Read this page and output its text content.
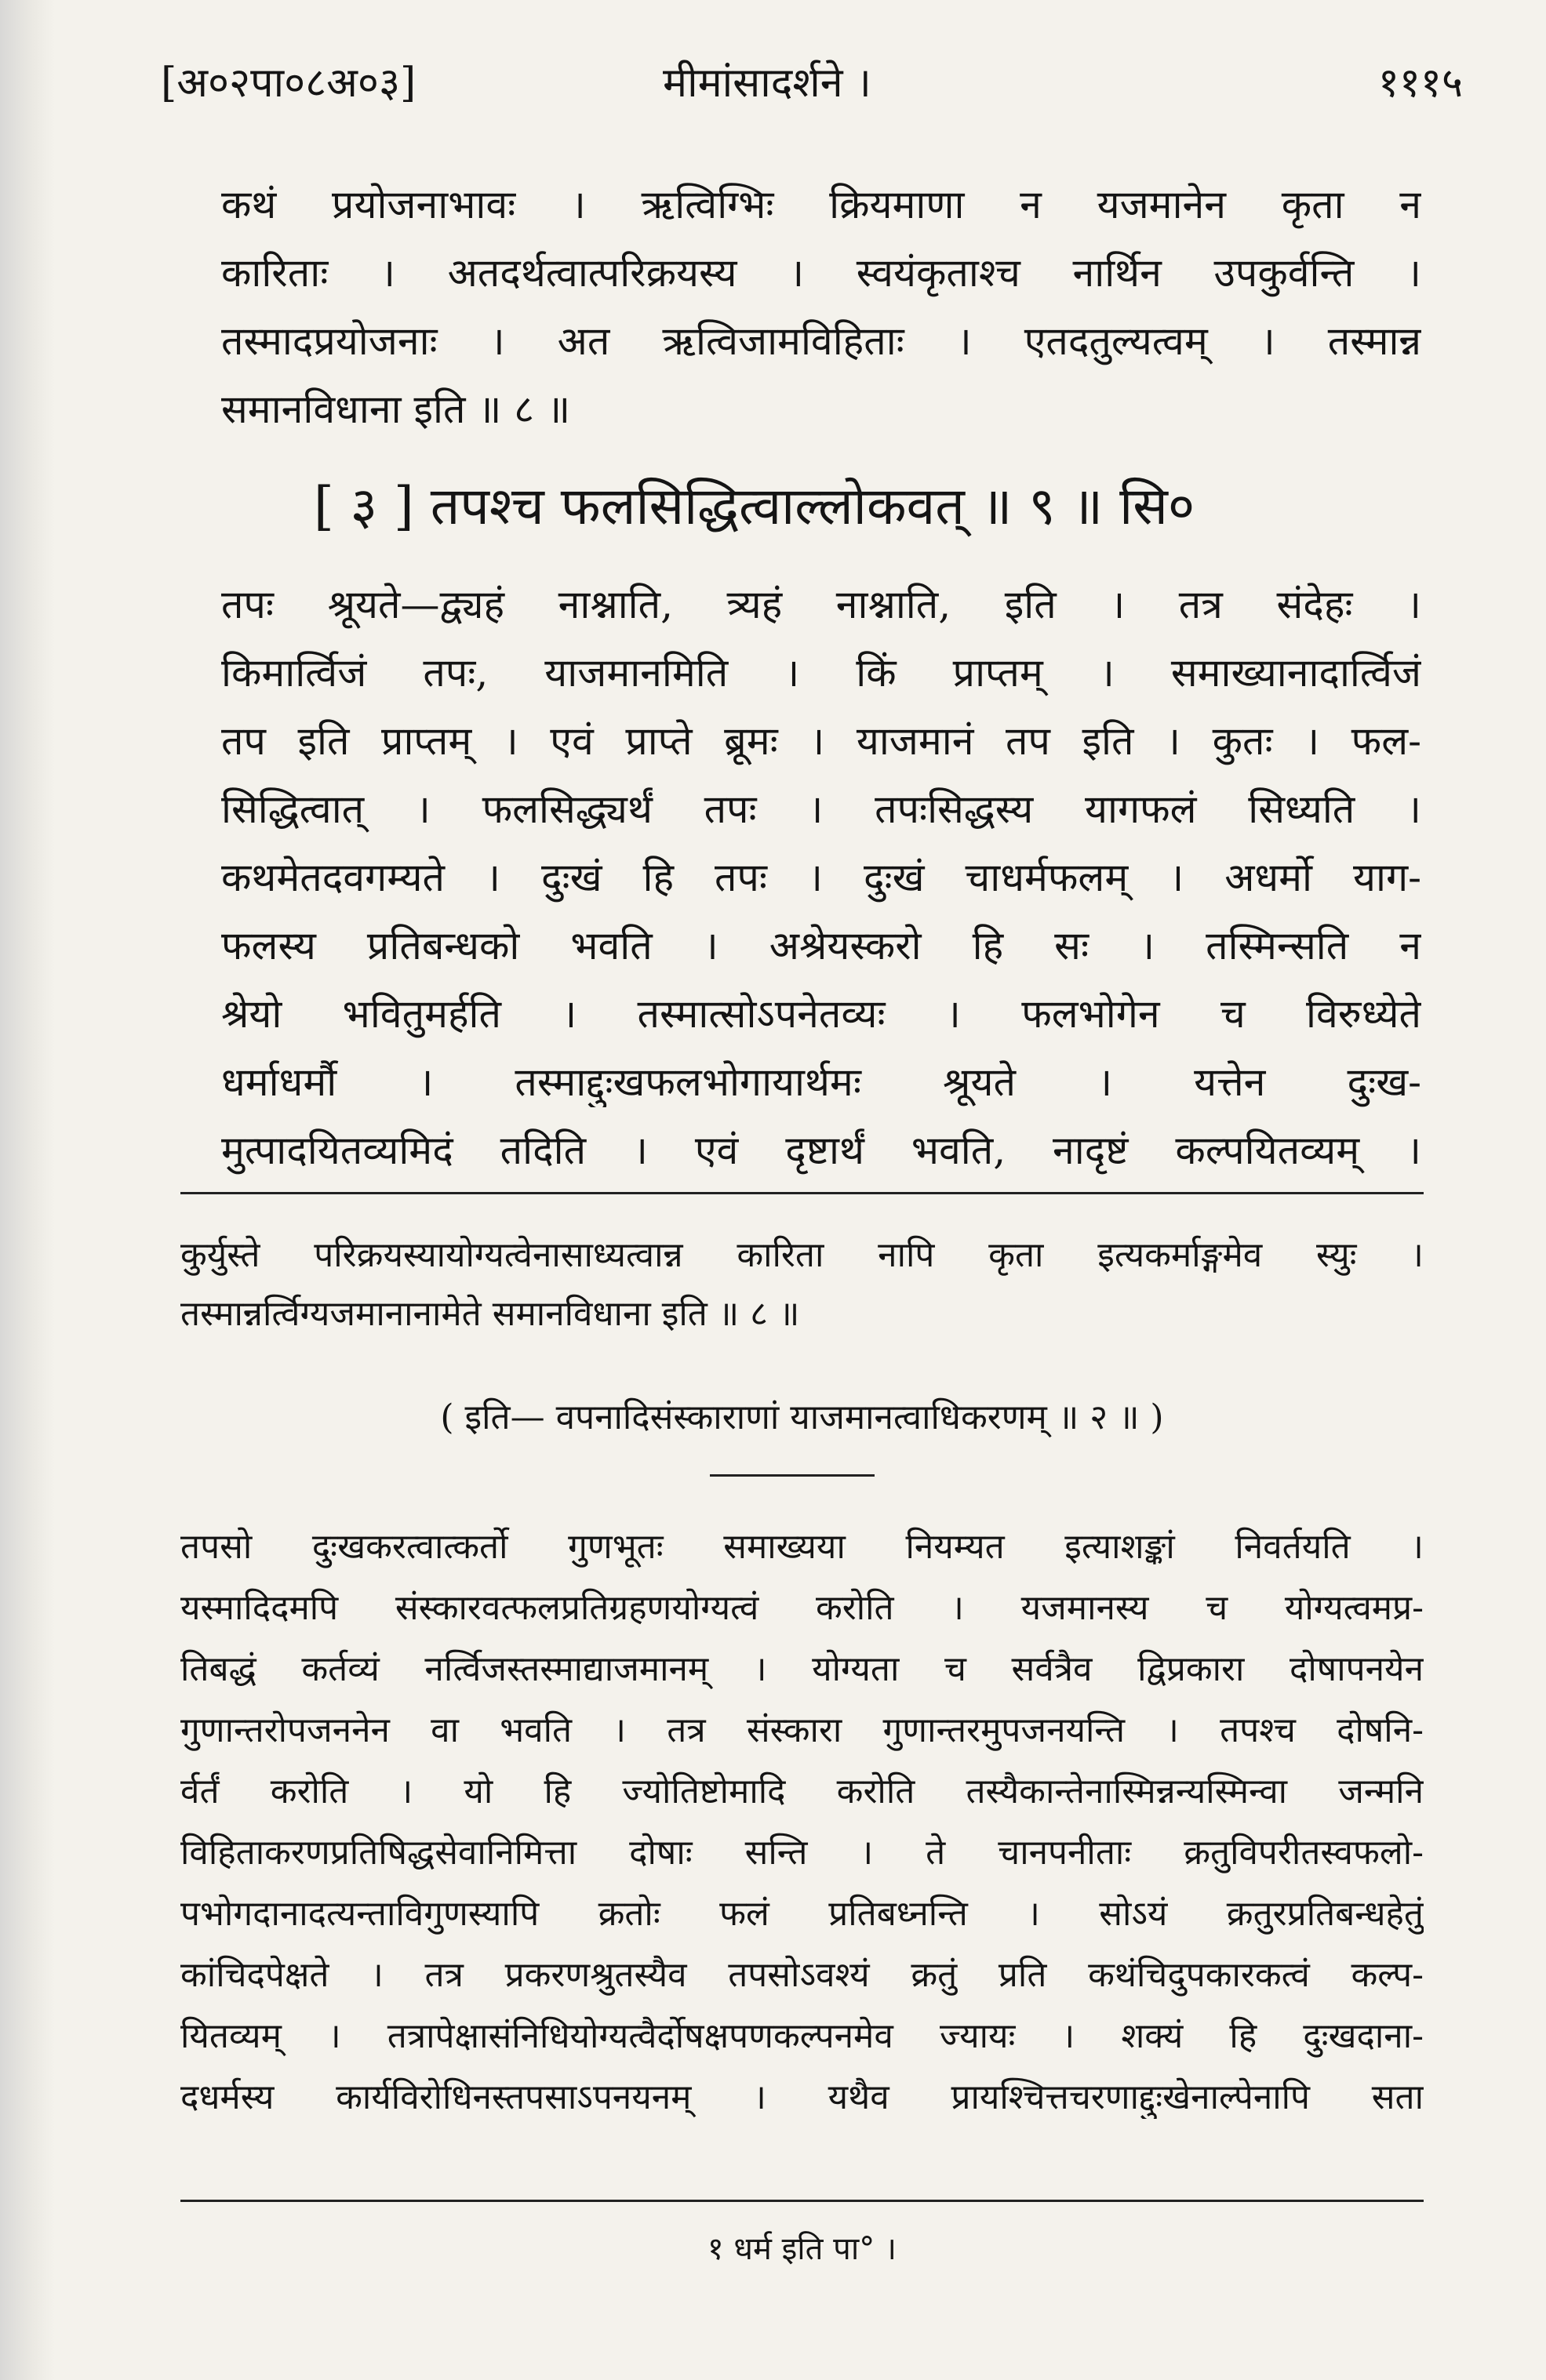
[अ०२पा०८अ०३]	मीमांसादर्शने ।	१११५
कथं प्रयोजनाभावः । ऋत्विग्भिः क्रियमाणा न यजमानेन कृता न
कारिताः । अतदर्थत्वात्परिक्रयस्य । स्वयंकृताश्च नार्थिन उपकुर्वन्ति ।
तस्मादप्रयोजनाः । अत ऋत्विजामविहिताः । एतदतुल्यत्वम् । तस्मान्न
समानविधाना इति ॥ ८ ॥
[ ३ ] तपश्च फलसिद्धित्वाल्लोकवत् ॥ ९ ॥ सि०
तपः श्रूयते—द्व्यहं नाश्नाति, त्र्यहं नाश्नाति, इति । तत्र संदेहः ।
किमार्त्विजं तपः, याजमानमिति । किं प्राप्तम् । समाख्यानादार्त्विजं
तप इति प्राप्तम् । एवं प्राप्ते ब्रूमः । याजमानं तप इति । कुतः । फल-
सिद्धित्वात् । फलसिद्ध्यर्थं तपः । तपःसिद्धस्य यागफलं सिध्यति ।
कथमेतदवगम्यते । दुःखं हि तपः । दुःखं चाधर्मफलम् । अधर्मो याग-
फलस्य प्रतिबन्धको भवति । अश्रेयस्करो हि सः । तस्मिन्सति न
श्रेयो भवितुमर्हति । तस्मात्सोऽपनेतव्यः । फलभोगेन च विरुध्येते
धर्माधर्मौ । तस्माद्दुःखफलभोगायार्थमः श्रूयते । यत्तेन दुःख-
मुत्पादयितव्यमिदं तदिति । एवं दृष्टार्थं भवति, नादृष्टं कल्पयितव्यम् ।
कुर्युस्ते परिक्रयस्यायोग्यत्वेनासाध्यत्वान्न कारिता नापि कृता इत्यकर्माङ्गमेव स्युः ।
तस्मान्नर्त्विग्यजमानानामेते समानविधाना इति ॥ ८ ॥
( इति— वपनादिसंस्काराणां याजमानत्वाधिकरणम् ॥ २ ॥ )
तपसो दुःखकरत्वात्कर्तो गुणभूतः समाख्यया नियम्यत इत्याशङ्कां निवर्तयति ।
यस्मादिदमपि संस्कारवत्फलप्रतिग्रहणयोग्यत्वं करोति । यजमानस्य च योग्यत्वमप्र-
तिबद्धं कर्तव्यं नर्त्विजस्तस्माद्याजमानम् । योग्यता च सर्वत्रैव द्विप्रकारा दोषापनयेन
गुणान्तरोपजननेन वा भवति । तत्र संस्कारा गुणान्तरमुपजनयन्ति । तपश्च दोषनि-
र्वर्तं करोति । यो हि ज्योतिष्टोमादि करोति तस्यैकान्तेनास्मिन्नन्यस्मिन्वा जन्मनि
विहिताकरणप्रतिषिद्धसेवानिमित्ता दोषाः सन्ति । ते चानपनीताः क्रतुविपरीतस्वफलो-
पभोगदानादत्यन्ताविगुणस्यापि क्रतोः फलं प्रतिबध्नन्ति । सोऽयं क्रतुरप्रतिबन्धहेतुं
कांचिदपेक्षते । तत्र प्रकरणश्रुतस्यैव तपसोऽवश्यं क्रतुं प्रति कथंचिदुपकारकत्वं कल्प-
यितव्यम् । तत्रापेक्षासंनिधियोग्यत्वैर्दोषक्षपणकल्पनमेव ज्यायः । शक्यं हि दुःखदाना-
दधर्मस्य कार्यविरोधिनस्तपसाऽपनयनम् । यथैव प्रायश्चित्तचरणाद्दुःखेनाल्पेनापि सता
१ धर्म इति पा° ।
